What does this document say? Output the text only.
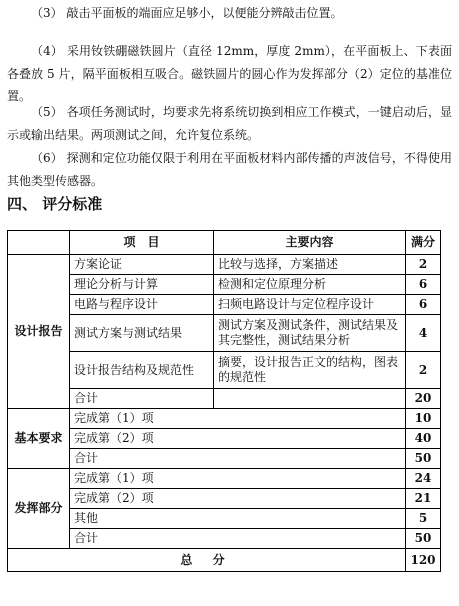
（3） 敲击平面板的端面应足够小，以便能分辨敲击位置。

（4） 采用钕铁硼磁铁圆片（直径 12mm，厚度 2mm），在平面板上、下表面各叠放 5 片，隔平面板相互吸合。磁铁圆片的圆心作为发挥部分（2）定位的基准位置。

（5） 各项任务测试时，均要求先将系统切换到相应工作模式，一键启动后，显示或输出结果。两项测试之间，允许复位系统。

（6） 探测和定位功能仅限于利用在平面板材料内部传播的声波信号，不得使用其他类型传感器。

四、 评分标准
	项　目	主要内容	满分
设计报告	方案论证	比较与选择，方案描述	2
	理论分析与计算	检测和定位原理分析	6
	电路与程序设计	扫频电路设计与定位程序设计	6
	测试方案与测试结果	测试方案及测试条件，测试结果及其完整性，测试结果分析	4
	设计报告结构及规范性	摘要，设计报告正文的结构，图表的规范性	2
	合计		20
基本要求	完成第（1）项		10
	完成第（2）项		40
	合计		50
发挥部分	完成第（1）项		24
	完成第（2）项		21
	其他		5
	合计		50
总 分			120
